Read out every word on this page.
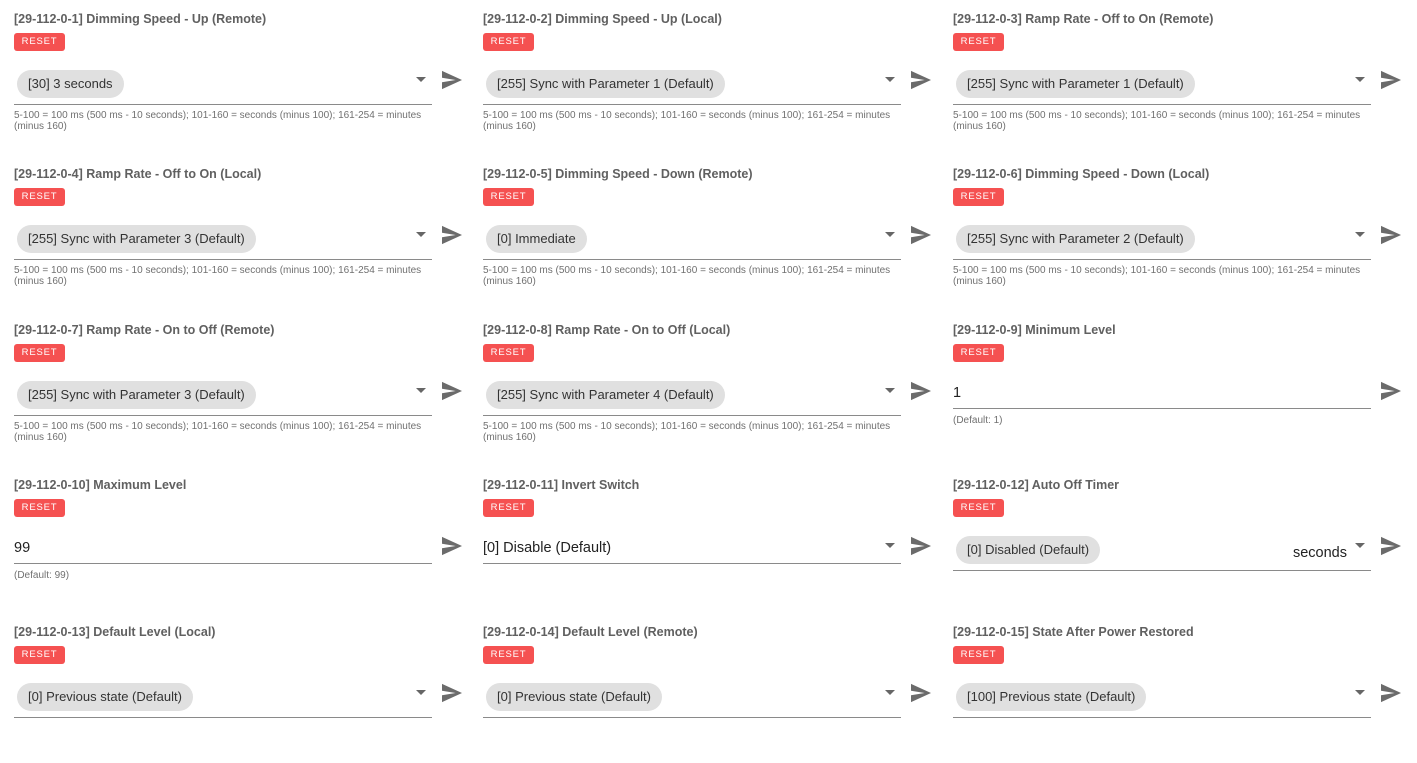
[29-112-0-1] Dimming Speed - Up (Remote)
RESET
[30] 3 seconds
5-100 = 100 ms (500 ms - 10 seconds); 101-160 = seconds (minus 100); 161-254 = minutes (minus 160)
[29-112-0-2] Dimming Speed - Up (Local)
RESET
[255] Sync with Parameter 1 (Default)
5-100 = 100 ms (500 ms - 10 seconds); 101-160 = seconds (minus 100); 161-254 = minutes (minus 160)
[29-112-0-3] Ramp Rate - Off to On (Remote)
RESET
[255] Sync with Parameter 1 (Default)
5-100 = 100 ms (500 ms - 10 seconds); 101-160 = seconds (minus 100); 161-254 = minutes (minus 160)
[29-112-0-4] Ramp Rate - Off to On (Local)
RESET
[255] Sync with Parameter 3 (Default)
5-100 = 100 ms (500 ms - 10 seconds); 101-160 = seconds (minus 100); 161-254 = minutes (minus 160)
[29-112-0-5] Dimming Speed - Down (Remote)
RESET
[0] Immediate
5-100 = 100 ms (500 ms - 10 seconds); 101-160 = seconds (minus 100); 161-254 = minutes (minus 160)
[29-112-0-6] Dimming Speed - Down (Local)
RESET
[255] Sync with Parameter 2 (Default)
5-100 = 100 ms (500 ms - 10 seconds); 101-160 = seconds (minus 100); 161-254 = minutes (minus 160)
[29-112-0-7] Ramp Rate - On to Off (Remote)
RESET
[255] Sync with Parameter 3 (Default)
5-100 = 100 ms (500 ms - 10 seconds); 101-160 = seconds (minus 100); 161-254 = minutes (minus 160)
[29-112-0-8] Ramp Rate - On to Off (Local)
RESET
[255] Sync with Parameter 4 (Default)
5-100 = 100 ms (500 ms - 10 seconds); 101-160 = seconds (minus 100); 161-254 = minutes (minus 160)
[29-112-0-9] Minimum Level
RESET
1
(Default: 1)
[29-112-0-10] Maximum Level
RESET
99
(Default: 99)
[29-112-0-11] Invert Switch
RESET
[0] Disable (Default)
[29-112-0-12] Auto Off Timer
RESET
[0] Disabled (Default)	seconds
[29-112-0-13] Default Level (Local)
RESET
[0] Previous state (Default)
[29-112-0-14] Default Level (Remote)
RESET
[0] Previous state (Default)
[29-112-0-15] State After Power Restored
RESET
[100] Previous state (Default)
